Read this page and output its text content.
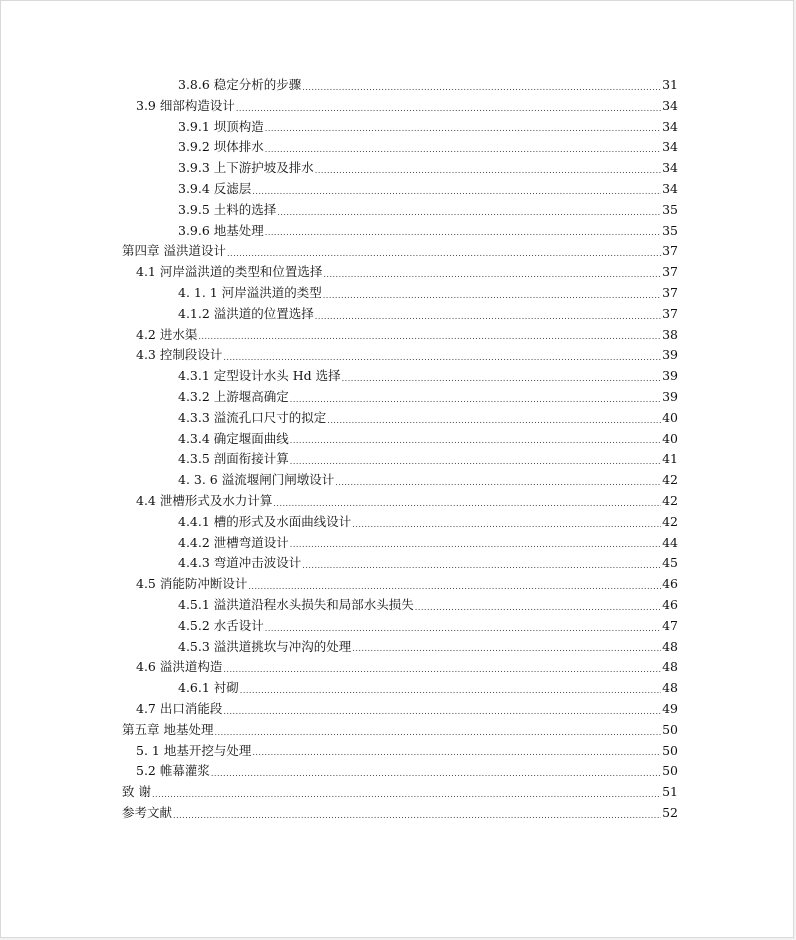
3.8.6 稳定分析的步骤 .....	31
3.9 细部构造设计 .....	34
3.9.1 坝顶构造 .....	34
3.9.2 坝体排水 .....	34
3.9.3 上下游护坡及排水 .....	34
3.9.4 反滤层 .....	34
3.9.5 土料的选择 .....	35
3.9.6 地基处理 .....	35
第四章 溢洪道设计 .....	37
4.1 河岸溢洪道的类型和位置选择 .....	37
4. 1. 1 河岸溢洪道的类型 .....	37
4.1.2 溢洪道的位置选择 .....	37
4.2 进水渠 .....	38
4.3 控制段设计 .....	39
4.3.1 定型设计水头 Hd 选择 .....	39
4.3.2 上游堰高确定 .....	39
4.3.3 溢流孔口尺寸的拟定 .....	40
4.3.4 确定堰面曲线 .....	40
4.3.5 剖面衔接计算 .....	41
4. 3. 6 溢流堰闸门闸墩设计 .....	42
4.4 泄槽形式及水力计算 .....	42
4.4.1 槽的形式及水面曲线设计 .....	42
4.4.2 泄槽弯道设计 .....	44
4.4.3 弯道冲击波设计 .....	45
4.5 消能防冲断设计 .....	46
4.5.1 溢洪道沿程水头损失和局部水头损失 .....	46
4.5.2 水舌设计 .....	47
4.5.3 溢洪道挑坎与冲沟的处理 .....	48
4.6 溢洪道构造 .....	48
4.6.1 衬砌 .....	48
4.7 出口消能段 .....	49
第五章 地基处理 .....	50
5. 1 地基开挖与处理 .....	50
5.2 帷幕灌浆 .....	50
致 谢 .....	51
参考文献 .....	52
